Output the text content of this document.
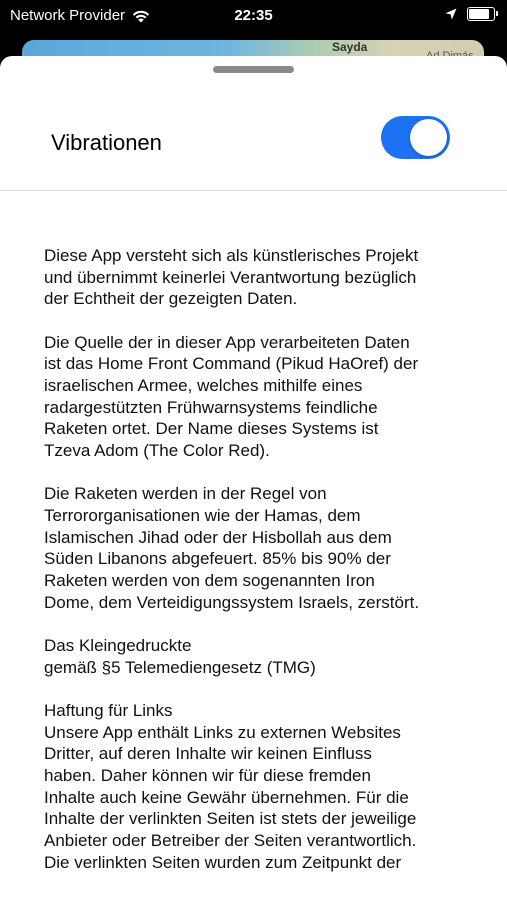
Network Provider	22:35
Sayda
Vibrationen

Diese App versteht sich als künstlerisches Projekt
und übernimmt keinerlei Verantwortung bezüglich
der Echtheit der gezeigten Daten.

Die Quelle der in dieser App verarbeiteten Daten
ist das Home Front Command (Pikud HaOref) der
israelischen Armee, welches mithilfe eines
radargestützten Frühwarnsystems feindliche
Raketen ortet. Der Name dieses Systems ist
Tzeva Adom (The Color Red).

Die Raketen werden in der Regel von
Terrororganisationen wie der Hamas, dem
Islamischen Jihad oder der Hisbollah aus dem
Süden Libanons abgefeuert. 85% bis 90% der
Raketen werden von dem sogenannten Iron
Dome, dem Verteidigungssystem Israels, zerstört.

Das Kleingedruckte
gemäß §5 Telemediengesetz (TMG)

Haftung für Links
Unsere App enthält Links zu externen Websites
Dritter, auf deren Inhalte wir keinen Einfluss
haben. Daher können wir für diese fremden
Inhalte auch keine Gewähr übernehmen. Für die
Inhalte der verlinkten Seiten ist stets der jeweilige
Anbieter oder Betreiber der Seiten verantwortlich.
Die verlinkten Seiten wurden zum Zeitpunkt der
